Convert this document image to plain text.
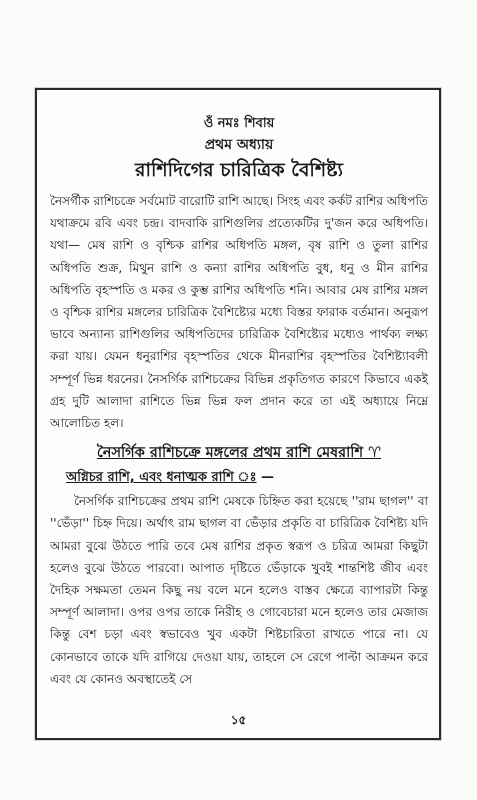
ওঁ নমঃ শিবায়
প্রথম অধ্যায়
রাশিদিগের চারিত্রিক বৈশিষ্ট্য

নৈসর্গীক রাশিচক্রে সর্বমোট বারোটি রাশি আছে। সিংহ এবং কর্কট রাশির অধিপতি যথাক্রমে রবি এবং চন্দ্র। বাদবাকি রাশিগুলির প্রত্যেকটির দু'জন করে অধিপতি। যথা— মেষ রাশি ও বৃশ্চিক রাশির অধিপতি মঙ্গল, বৃষ রাশি ও তুলা রাশির অধিপতি শুক্র, মিথুন রাশি ও কন্যা রাশির অধিপতি বুধ, ধনু ও মীন রাশির অধিপতি বৃহস্পতি ও মকর ও কুম্ভ রাশির অধিপতি শনি। আবার মেষ রাশির মঙ্গল ও বৃশ্চিক রাশির মঙ্গলের চারিত্রিক বৈশিষ্ট্যের মধ্যে বিস্তর ফারাক বর্তমান। অনুরূপ ভাবে অন্যান্য রাশিগুলির অধিপতিদের চারিত্রিক বৈশিষ্ট্যের মধ্যেও পার্থক্য লক্ষ্য করা যায়। যেমন ধনুরাশির বৃহস্পতির থেকে মীনরাশির বৃহস্পতির বৈশিষ্ট্যাবলী সম্পূর্ণ ভিন্ন ধরনের। নৈসর্গিক রাশিচক্রের বিভিন্ন প্রকৃতিগত কারণে কিভাবে একই গ্রহ দুটি আলাদা রাশিতে ভিন্ন ভিন্ন ফল প্রদান করে তা এই অধ্যায়ে নিম্নে আলোচিত হল।

নৈসর্গিক রাশিচক্রে মঙ্গলের প্রথম রাশি মেষরাশি ♈
অগ্নিচর রাশি, এবং ধনাত্মক রাশি ঃ —

নৈসর্গিক রাশিচক্রের প্রথম রাশি মেষকে চিহ্নিত করা হয়েছে ''রাম ছাগল'' বা ''ভেঁড়া'' চিহ্ন দিয়ে। অর্থাৎ রাম ছাগল বা ভেঁড়ার প্রকৃতি বা চারিত্রিক বৈশিষ্ট্য যদি আমরা বুঝে উঠতে পারি তবে মেষ রাশির প্রকৃত স্বরূপ ও চরিত্র আমরা কিছুটা হলেও বুঝে উঠতে পারবো। আপাত দৃষ্টিতে ভেঁড়াকে খুবই শান্তশিষ্ট জীব এবং দৈহিক সক্ষমতা তেমন কিছু নয় বলে মনে হলেও বাস্তব ক্ষেত্রে ব্যাপারটা কিন্তু সম্পূর্ণ আলাদা। ওপর ওপর তাকে নিরীহ ও গোবেচারা মনে হলেও তার মেজাজ কিন্তু বেশ চড়া এবং স্বভাবেও খুব একটা শিষ্টচারিতা রাখতে পারে না। যে কোনভাবে তাকে যদি রাগিয়ে দেওয়া যায়, তাহলে সে রেগে পাল্টা আক্রমন করে এবং যে কোনও অবস্থাতেই সে

১৫
